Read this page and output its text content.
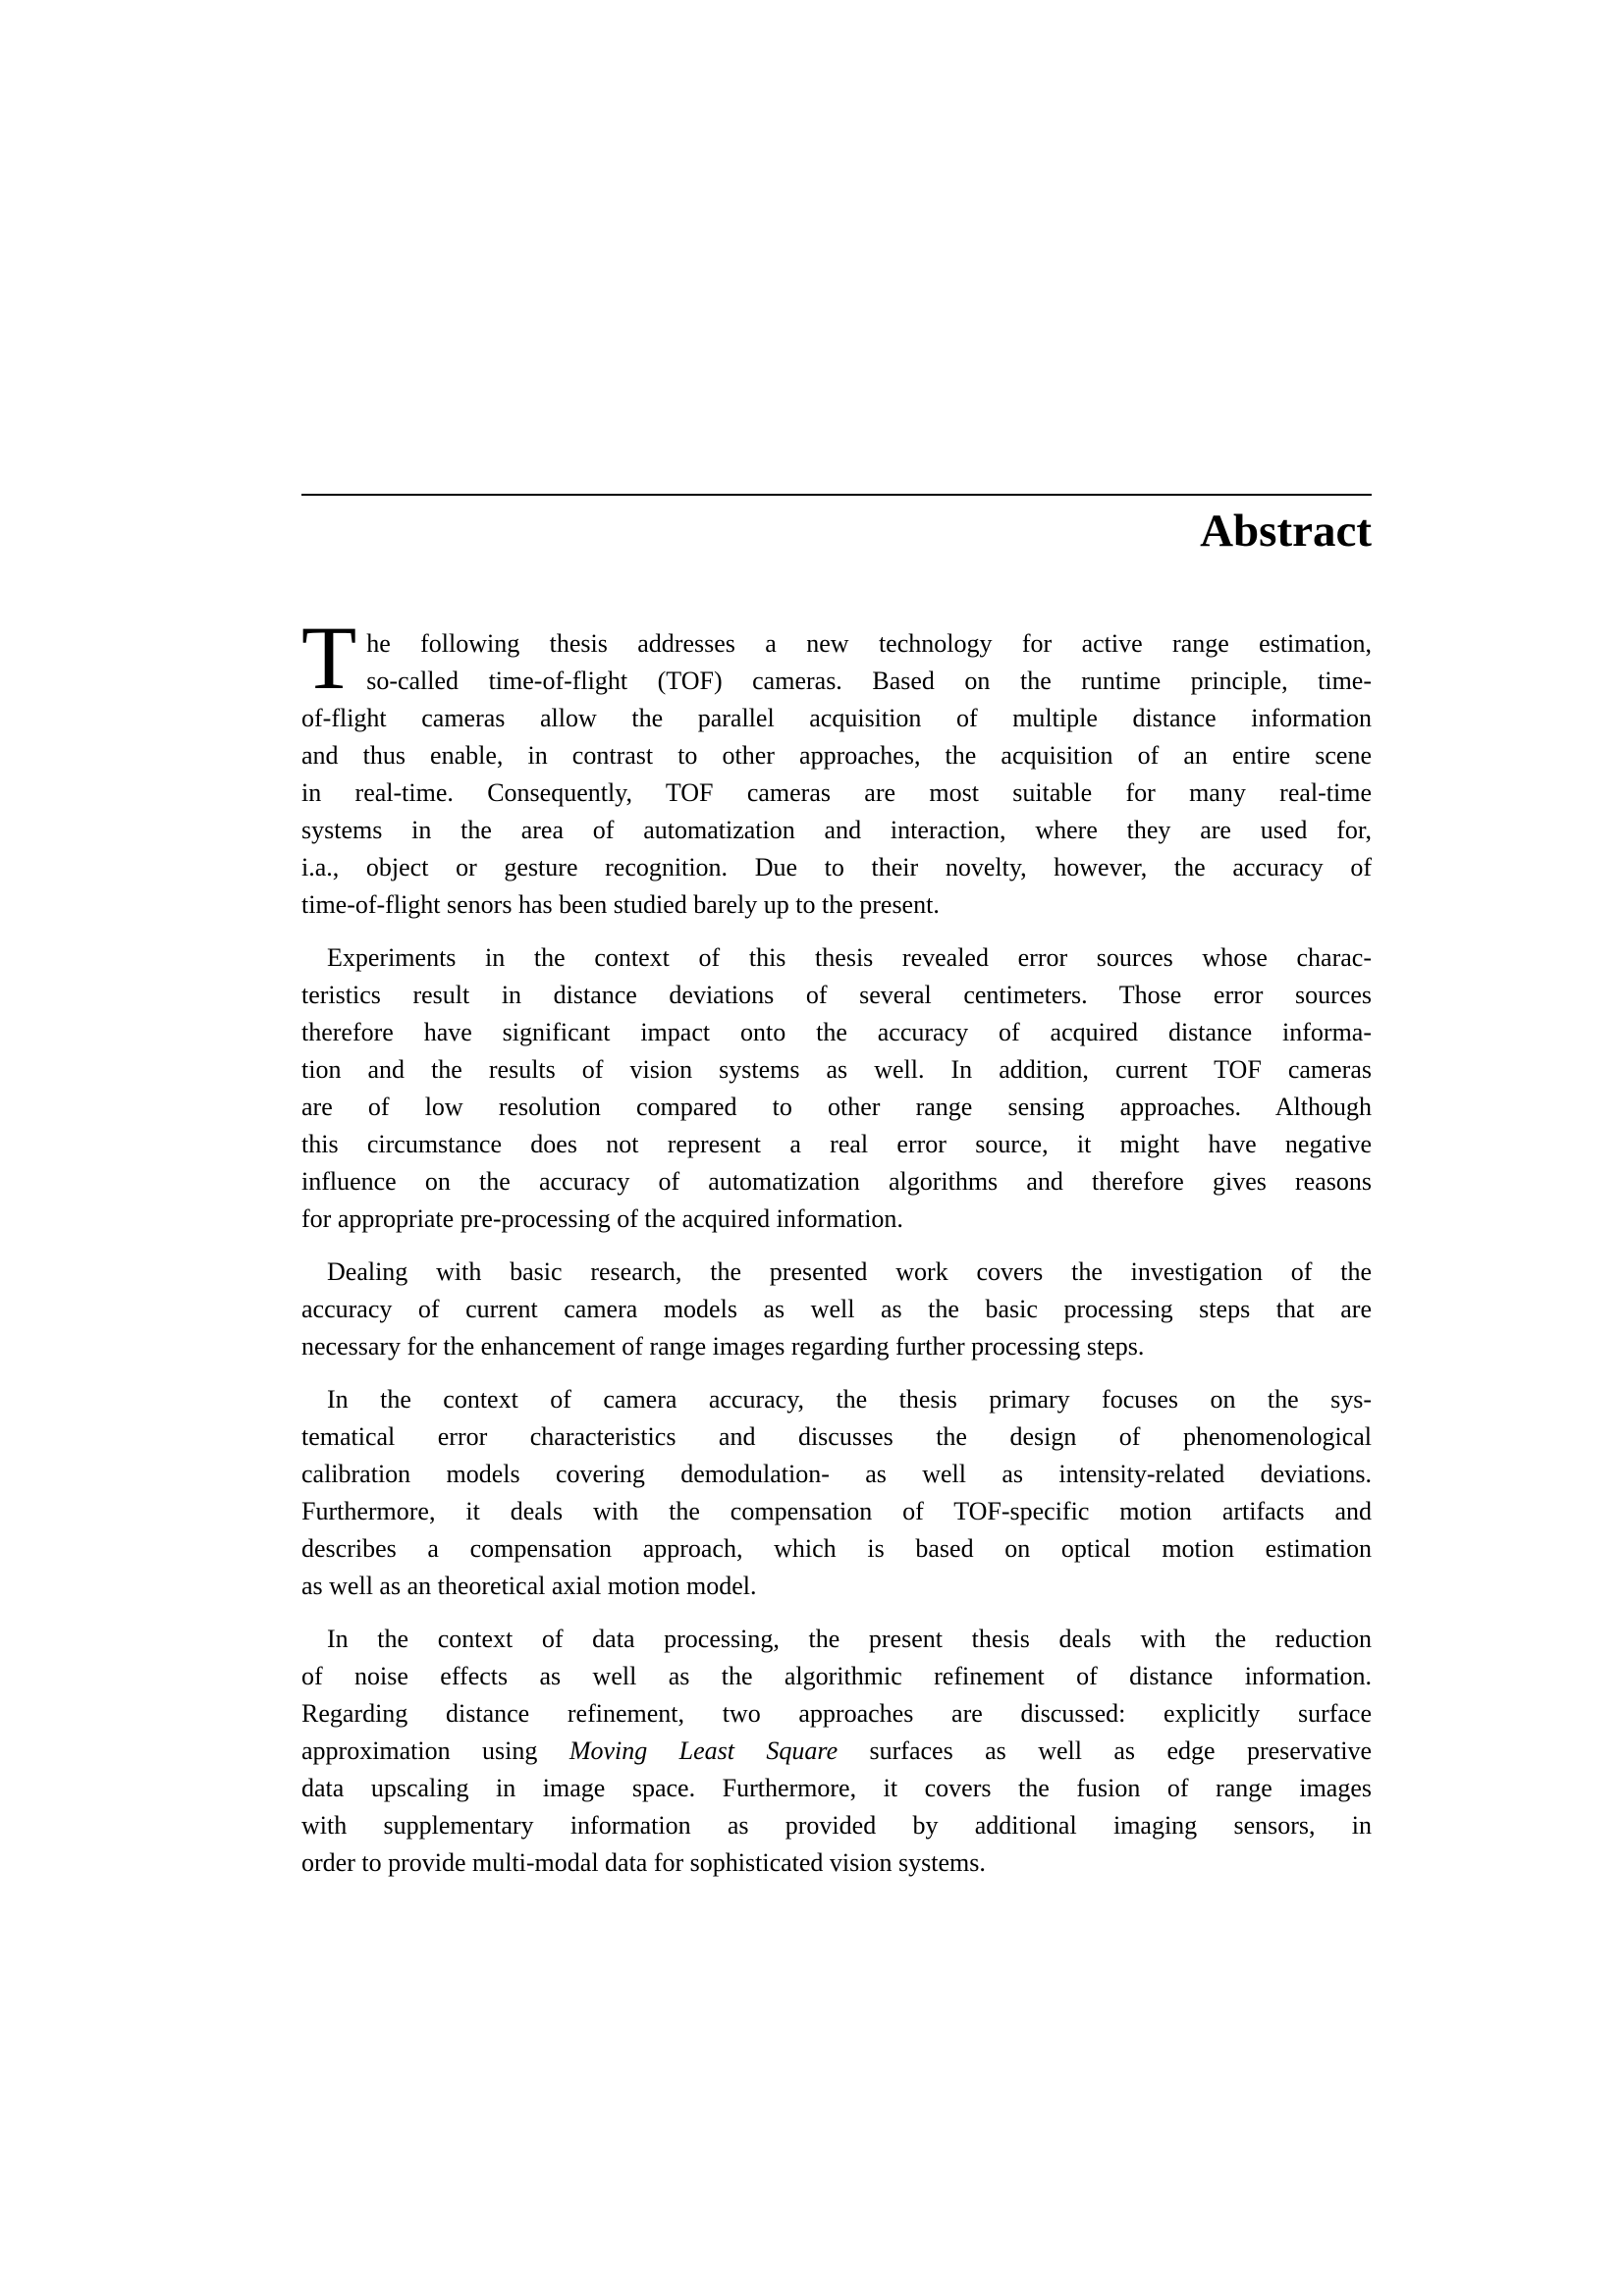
Abstract
The following thesis addresses a new technology for active range estimation,
so-called time-of-flight (TOF) cameras. Based on the runtime principle, time-
of-flight cameras allow the parallel acquisition of multiple distance information
and thus enable, in contrast to other approaches, the acquisition of an entire scene
in real-time. Consequently, TOF cameras are most suitable for many real-time
systems in the area of automatization and interaction, where they are used for,
i.a., object or gesture recognition. Due to their novelty, however, the accuracy of
time-of-flight senors has been studied barely up to the present.
Experiments in the context of this thesis revealed error sources whose charac-
teristics result in distance deviations of several centimeters. Those error sources
therefore have significant impact onto the accuracy of acquired distance informa-
tion and the results of vision systems as well. In addition, current TOF cameras
are of low resolution compared to other range sensing approaches. Although
this circumstance does not represent a real error source, it might have negative
influence on the accuracy of automatization algorithms and therefore gives reasons
for appropriate pre-processing of the acquired information.
Dealing with basic research, the presented work covers the investigation of the
accuracy of current camera models as well as the basic processing steps that are
necessary for the enhancement of range images regarding further processing steps.
In the context of camera accuracy, the thesis primary focuses on the sys-
tematical error characteristics and discusses the design of phenomenological
calibration models covering demodulation- as well as intensity-related deviations.
Furthermore, it deals with the compensation of TOF-specific motion artifacts and
describes a compensation approach, which is based on optical motion estimation
as well as an theoretical axial motion model.
In the context of data processing, the present thesis deals with the reduction
of noise effects as well as the algorithmic refinement of distance information.
Regarding distance refinement, two approaches are discussed: explicitly surface
approximation using Moving Least Square surfaces as well as edge preservative
data upscaling in image space. Furthermore, it covers the fusion of range images
with supplementary information as provided by additional imaging sensors, in
order to provide multi-modal data for sophisticated vision systems.
